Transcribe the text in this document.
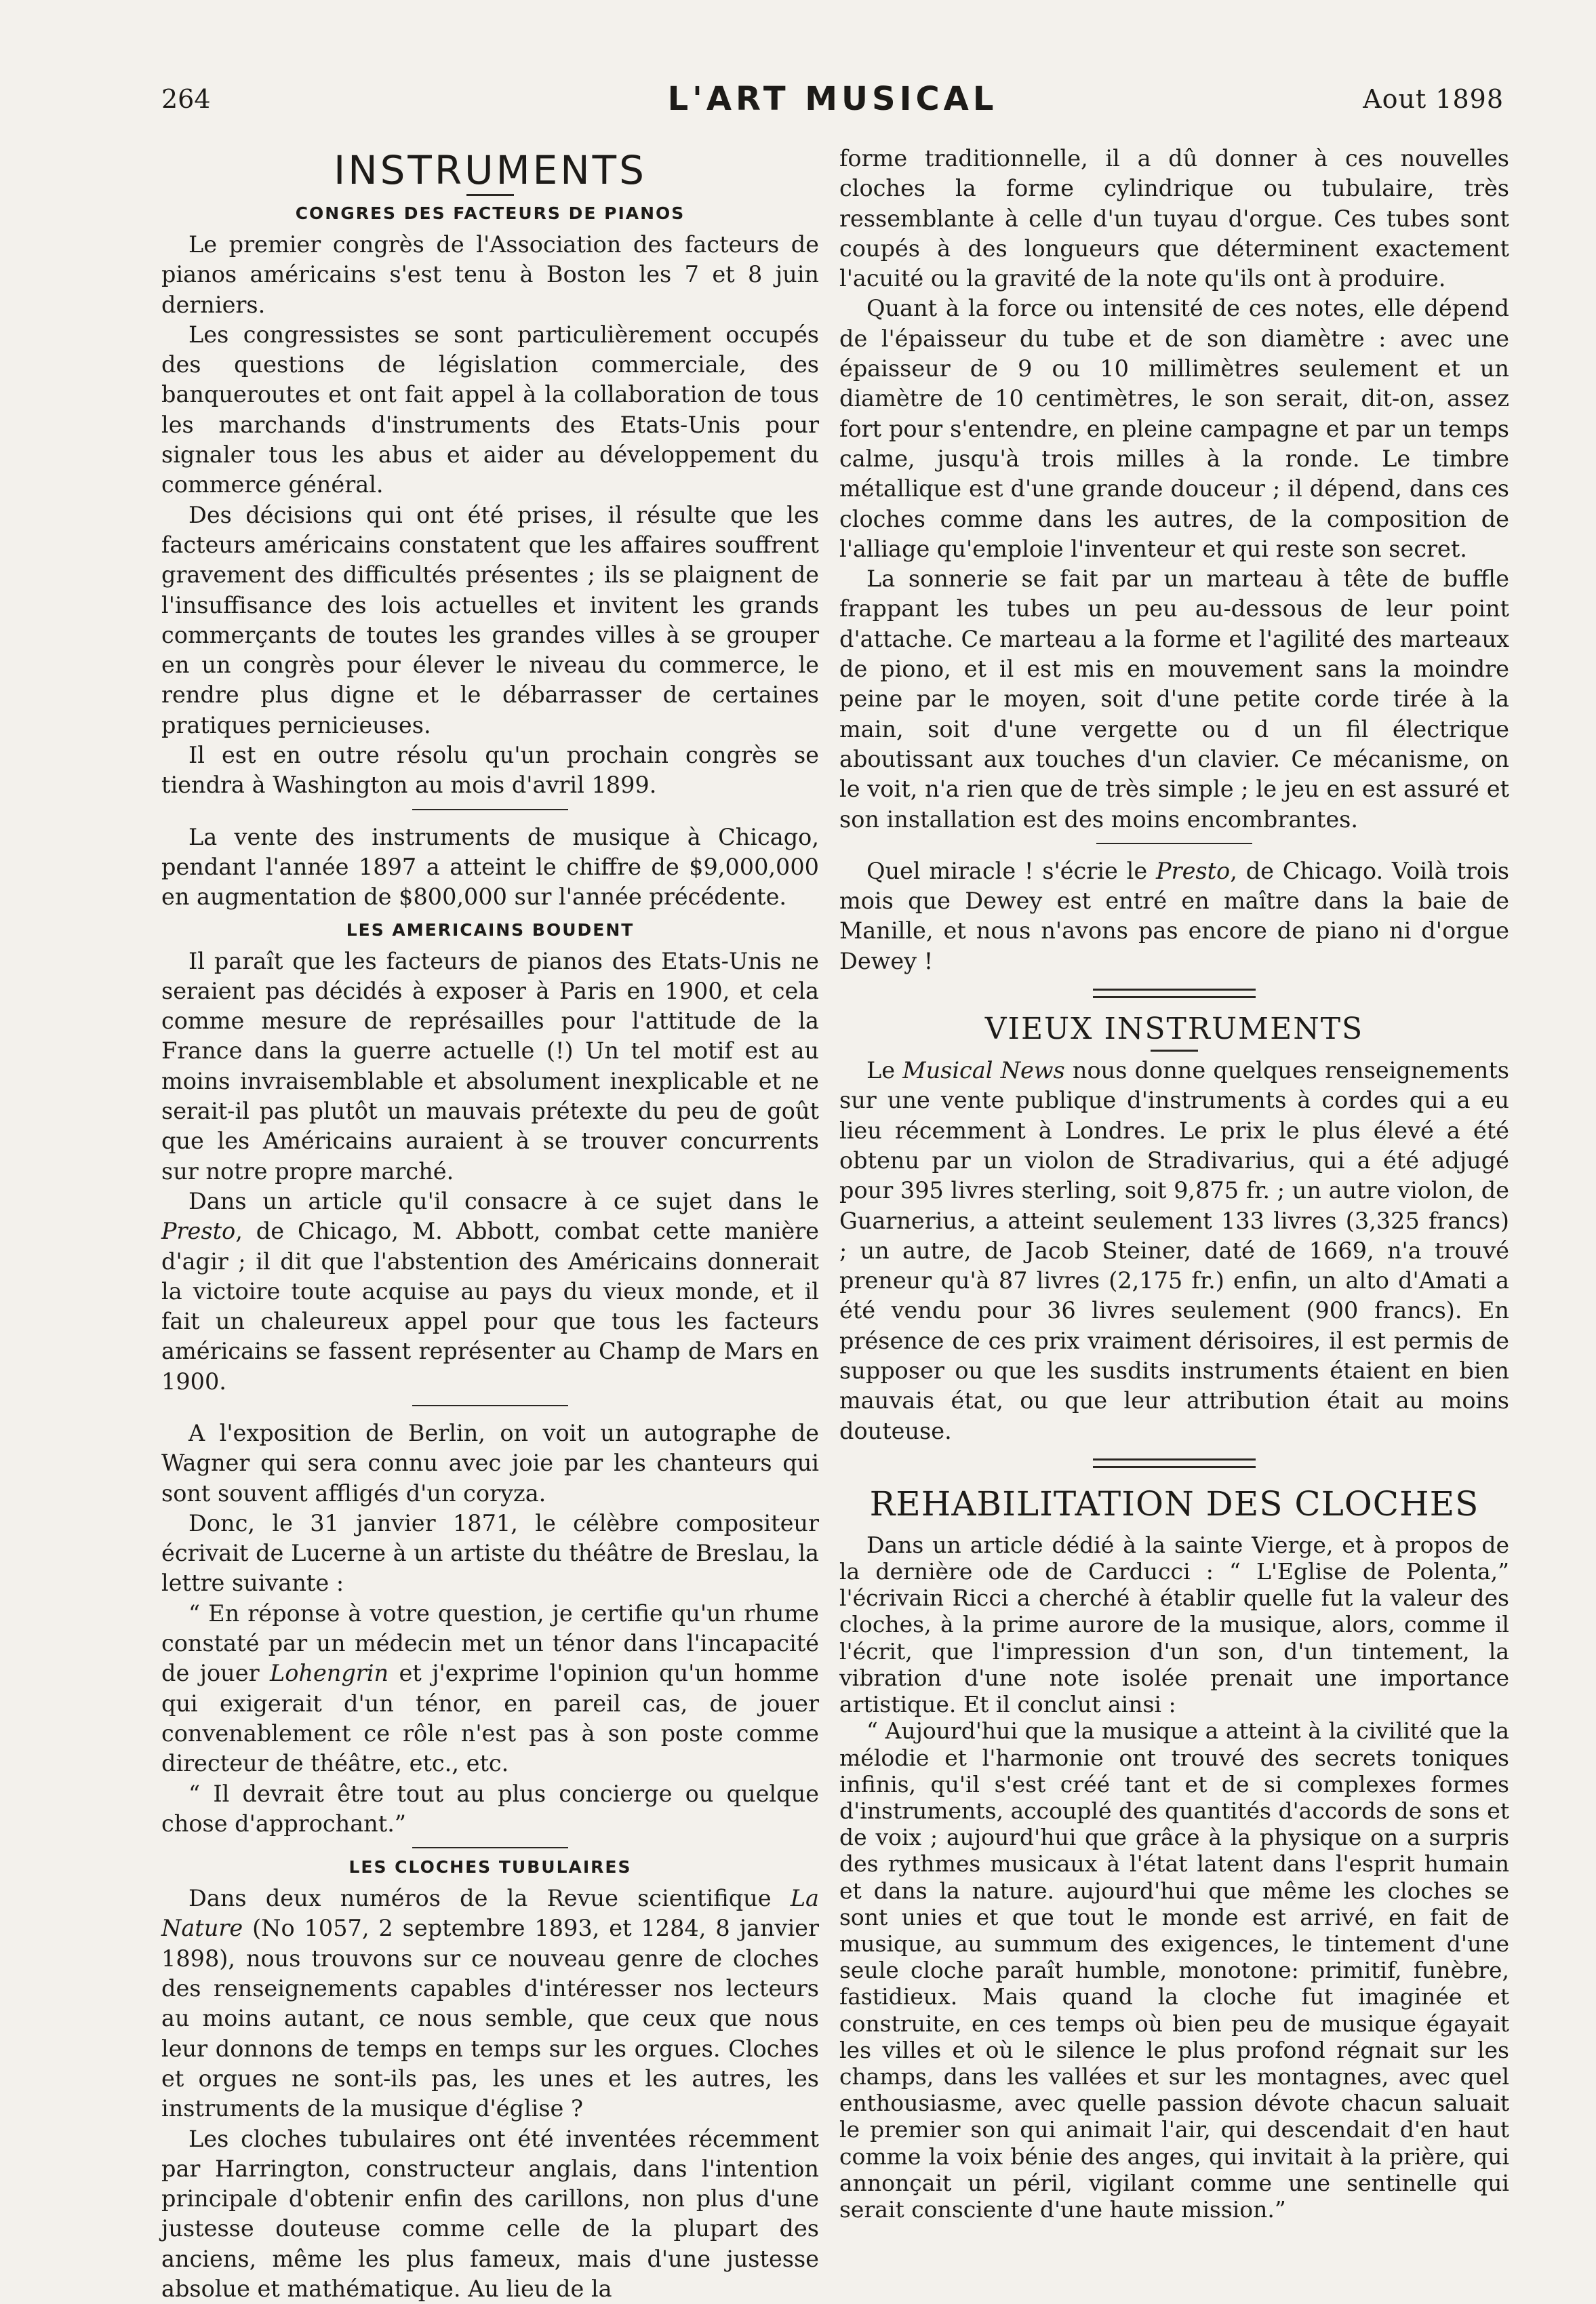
264	L'ART MUSICAL	Aout 1898
INSTRUMENTS
CONGRES DES FACTEURS DE PIANOS

Le premier congrès de l'Association des facteurs de pianos américains s'est tenu à Boston les 7 et 8 juin derniers.

Les congressistes se sont particulièrement occupés des questions de législation commerciale, des banqueroutes et ont fait appel à la collaboration de tous les marchands d'instruments des Etats-Unis pour signaler tous les abus et aider au développement du commerce général.

Des décisions qui ont été prises, il résulte que les facteurs américains constatent que les affaires souffrent gravement des difficultés présentes ; ils se plaignent de l'insuffisance des lois actuelles et invitent les grands commerçants de toutes les grandes villes à se grouper en un congrès pour élever le niveau du commerce, le rendre plus digne et le débarrasser de certaines pratiques pernicieuses.

Il est en outre résolu qu'un prochain congrès se tiendra à Washington au mois d'avril 1899.

La vente des instruments de musique à Chicago, pendant l'année 1897 a atteint le chiffre de $9,000,000 en augmentation de $800,000 sur l'année précédente.

LES AMERICAINS BOUDENT

Il paraît que les facteurs de pianos des Etats-Unis ne seraient pas décidés à exposer à Paris en 1900, et cela comme mesure de représailles pour l'attitude de la France dans la guerre actuelle (!) Un tel motif est au moins invraisemblable et absolument inexplicable et ne serait-il pas plutôt un mauvais prétexte du peu de goût que les Américains auraient à se trouver concurrents sur notre propre marché.

Dans un article qu'il consacre à ce sujet dans le Presto, de Chicago, M. Abbott, combat cette manière d'agir ; il dit que l'abstention des Américains donnerait la victoire toute acquise au pays du vieux monde, et il fait un chaleureux appel pour que tous les facteurs américains se fassent représenter au Champ de Mars en 1900.

A l'exposition de Berlin, on voit un autographe de Wagner qui sera connu avec joie par les chanteurs qui sont souvent affligés d'un coryza.

Donc, le 31 janvier 1871, le célèbre compositeur écrivait de Lucerne à un artiste du théâtre de Breslau, la lettre suivante :

“ En réponse à votre question, je certifie qu'un rhume constaté par un médecin met un ténor dans l'incapacité de jouer Lohengrin et j'exprime l'opinion qu'un homme qui exigerait d'un ténor, en pareil cas, de jouer convenablement ce rôle n'est pas à son poste comme directeur de théâtre, etc., etc.

“ Il devrait être tout au plus concierge ou quelque chose d'approchant.”

LES CLOCHES TUBULAIRES

Dans deux numéros de la Revue scientifique La Nature (No 1057, 2 septembre 1893, et 1284, 8 janvier 1898), nous trouvons sur ce nouveau genre de cloches des renseignements capables d'intéresser nos lecteurs au moins autant, ce nous semble, que ceux que nous leur donnons de temps en temps sur les orgues. Cloches et orgues ne sont-ils pas, les unes et les autres, les instruments de la musique d'église ?

Les cloches tubulaires ont été inventées récemment par Harrington, constructeur anglais, dans l'intention principale d'obtenir enfin des carillons, non plus d'une justesse douteuse comme celle de la plupart des anciens, même les plus fameux, mais d'une justesse absolue et mathématique. Au lieu de la

forme traditionnelle, il a dû donner à ces nouvelles cloches la forme cylindrique ou tubulaire, très ressemblante à celle d'un tuyau d'orgue. Ces tubes sont coupés à des longueurs que déterminent exactement l'acuité ou la gravité de la note qu'ils ont à produire.

Quant à la force ou intensité de ces notes, elle dépend de l'épaisseur du tube et de son diamètre : avec une épaisseur de 9 ou 10 millimètres seulement et un diamètre de 10 centimètres, le son serait, dit-on, assez fort pour s'entendre, en pleine campagne et par un temps calme, jusqu'à trois milles à la ronde. Le timbre métallique est d'une grande douceur ; il dépend, dans ces cloches comme dans les autres, de la composition de l'alliage qu'emploie l'inventeur et qui reste son secret.

La sonnerie se fait par un marteau à tête de buffle frappant les tubes un peu au-dessous de leur point d'attache. Ce marteau a la forme et l'agilité des marteaux de piono, et il est mis en mouvement sans la moindre peine par le moyen, soit d'une petite corde tirée à la main, soit d'une vergette ou d un fil électrique aboutissant aux touches d'un clavier. Ce mécanisme, on le voit, n'a rien que de très simple ; le jeu en est assuré et son installation est des moins encombrantes.

Quel miracle ! s'écrie le Presto, de Chicago. Voilà trois mois que Dewey est entré en maître dans la baie de Manille, et nous n'avons pas encore de piano ni d'orgue Dewey !

VIEUX INSTRUMENTS

Le Musical News nous donne quelques renseignements sur une vente publique d'instruments à cordes qui a eu lieu récemment à Londres. Le prix le plus élevé a été obtenu par un violon de Stradivarius, qui a été adjugé pour 395 livres sterling, soit 9,875 fr. ; un autre violon, de Guarnerius, a atteint seulement 133 livres (3,325 francs) ; un autre, de Jacob Steiner, daté de 1669, n'a trouvé preneur qu'à 87 livres (2,175 fr.) enfin, un alto d'Amati a été vendu pour 36 livres seulement (900 francs). En présence de ces prix vraiment dérisoires, il est permis de supposer ou que les susdits instruments étaient en bien mauvais état, ou que leur attribution était au moins douteuse.

REHABILITATION DES CLOCHES

Dans un article dédié à la sainte Vierge, et à propos de la dernière ode de Carducci : “ L'Eglise de Polenta,” l'écrivain Ricci a cherché à établir quelle fut la valeur des cloches, à la prime aurore de la musique, alors, comme il l'écrit, que l'impression d'un son, d'un tintement, la vibration d'une note isolée prenait une importance artistique. Et il conclut ainsi :

“ Aujourd'hui que la musique a atteint à la civilité que la mélodie et l'harmonie ont trouvé des secrets toniques infinis, qu'il s'est créé tant et de si complexes formes d'instruments, accouplé des quantités d'accords de sons et de voix ; aujourd'hui que grâce à la physique on a surpris des rythmes musicaux à l'état latent dans l'esprit humain et dans la nature. aujourd'hui que même les cloches se sont unies et que tout le monde est arrivé, en fait de musique, au summum des exigences, le tintement d'une seule cloche paraît humble, monotone: primitif, funèbre, fastidieux. Mais quand la cloche fut imaginée et construite, en ces temps où bien peu de musique égayait les villes et où le silence le plus profond régnait sur les champs, dans les vallées et sur les montagnes, avec quel enthousiasme, avec quelle passion dévote chacun saluait le premier son qui animait l'air, qui descendait d'en haut comme la voix bénie des anges, qui invitait à la prière, qui annonçait un péril, vigilant comme une sentinelle qui serait consciente d'une haute mission.”
